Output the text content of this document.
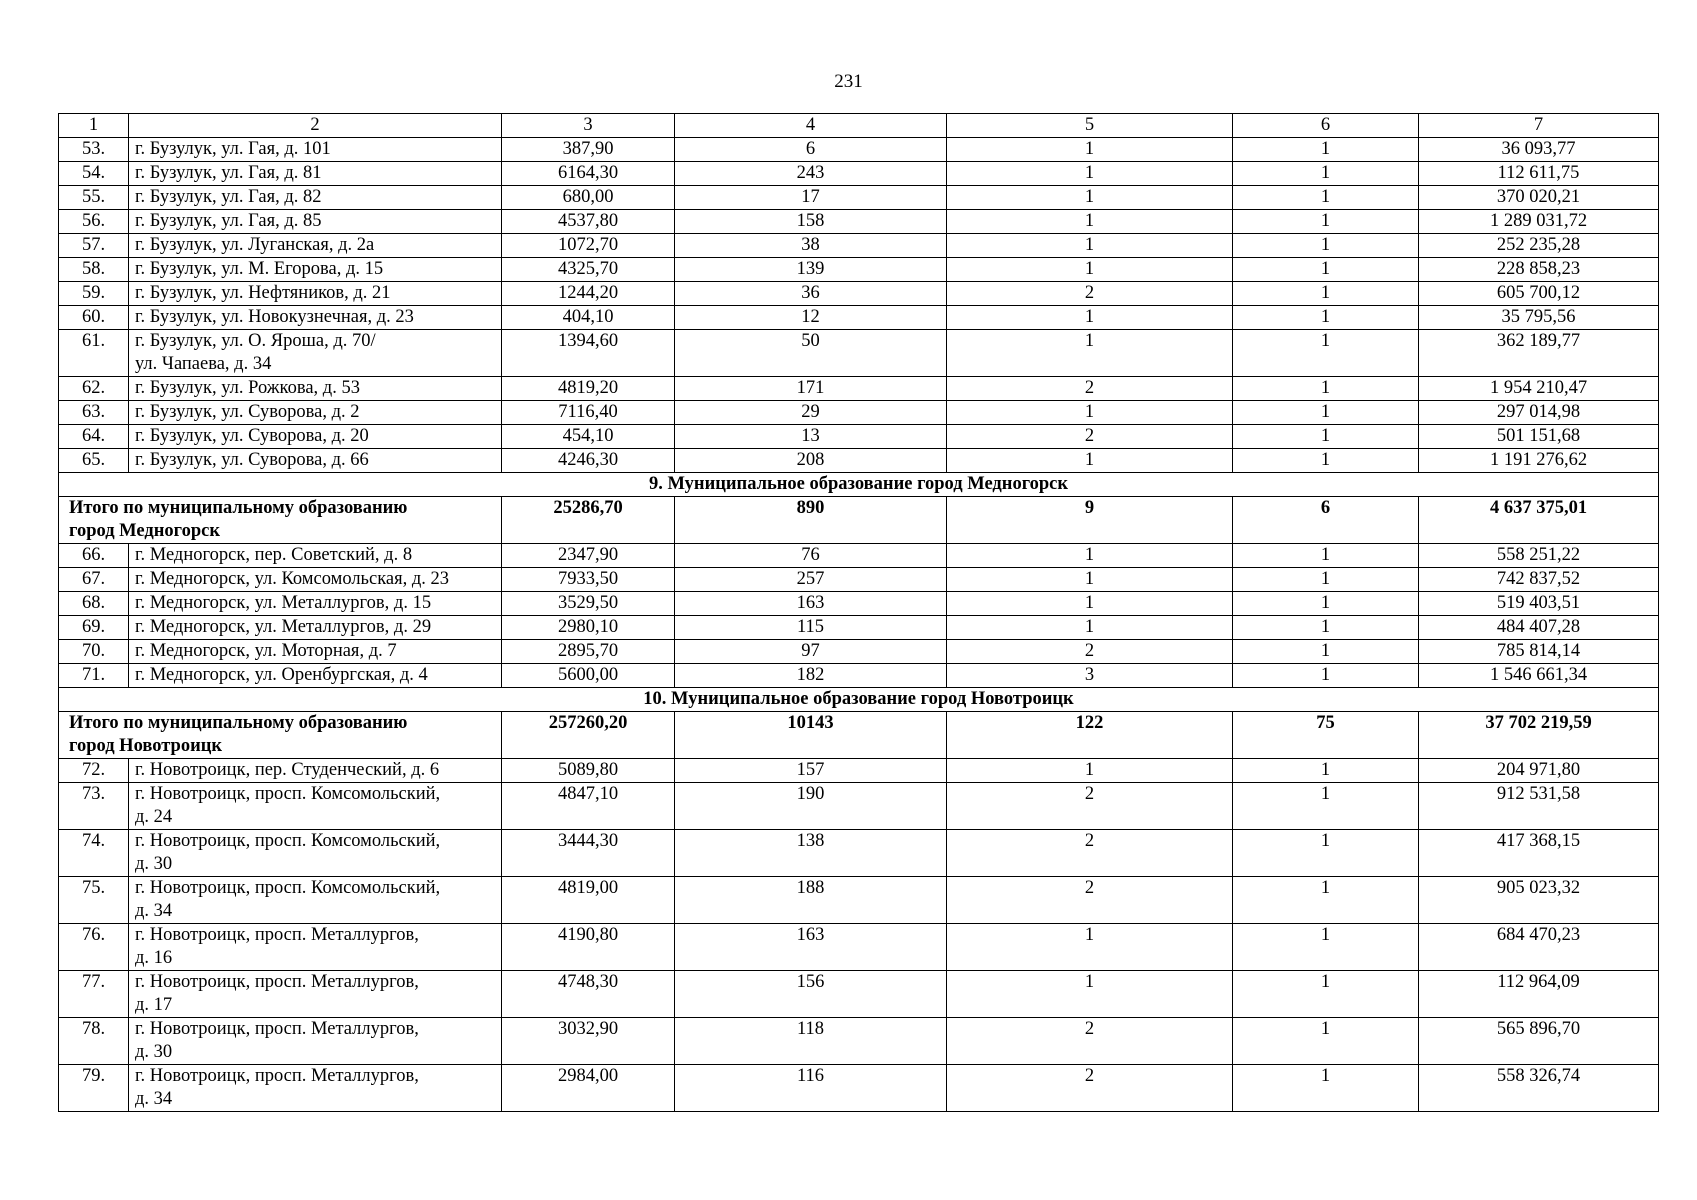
231
1	2	3	4	5	6	7
53.	г. Бузулук, ул. Гая, д. 101	387,90	6	1	1	36 093,77
54.	г. Бузулук, ул. Гая, д. 81	6164,30	243	1	1	112 611,75
55.	г. Бузулук, ул. Гая, д. 82	680,00	17	1	1	370 020,21
56.	г. Бузулук, ул. Гая, д. 85	4537,80	158	1	1	1 289 031,72
57.	г. Бузулук, ул. Луганская, д. 2а	1072,70	38	1	1	252 235,28
58.	г. Бузулук, ул. М. Егорова, д. 15	4325,70	139	1	1	228 858,23
59.	г. Бузулук, ул. Нефтяников, д. 21	1244,20	36	2	1	605 700,12
60.	г. Бузулук, ул. Новокузнечная, д. 23	404,10	12	1	1	35 795,56
61.	г. Бузулук, ул. О. Яроша, д. 70/
ул. Чапаева, д. 34	1394,60	50	1	1	362 189,77
62.	г. Бузулук, ул. Рожкова, д. 53	4819,20	171	2	1	1 954 210,47
63.	г. Бузулук, ул. Суворова, д. 2	7116,40	29	1	1	297 014,98
64.	г. Бузулук, ул. Суворова, д. 20	454,10	13	2	1	501 151,68
65.	г. Бузулук, ул. Суворова, д. 66	4246,30	208	1	1	1 191 276,62
9. Муниципальное образование город Медногорск						

Итого по муниципальному образованию
город Медногорск		25286,70	890	9	6	4 637 375,01
66.	г. Медногорск, пер. Советский, д. 8	2347,90	76	1	1	558 251,22
67.	г. Медногорск, ул. Комсомольская, д. 23	7933,50	257	1	1	742 837,52
68.	г. Медногорск, ул. Металлургов, д. 15	3529,50	163	1	1	519 403,51
69.	г. Медногорск, ул. Металлургов, д. 29	2980,10	115	1	1	484 407,28
70.	г. Медногорск, ул. Моторная, д. 7	2895,70	97	2	1	785 814,14
71.	г. Медногорск, ул. Оренбургская, д. 4	5600,00	182	3	1	1 546 661,34
10. Муниципальное образование город Новотроицк						

Итого по муниципальному образованию
город Новотроицк		257260,20	10143	122	75	37 702 219,59
72.	г. Новотроицк, пер. Студенческий, д. 6	5089,80	157	1	1	204 971,80
73.	г. Новотроицк, просп. Комсомольский,
д. 24	4847,10	190	2	1	912 531,58
74.	г. Новотроицк, просп. Комсомольский,
д. 30	3444,30	138	2	1	417 368,15
75.	г. Новотроицк, просп. Комсомольский,
д. 34	4819,00	188	2	1	905 023,32
76.	г. Новотроицк, просп. Металлургов,
д. 16	4190,80	163	1	1	684 470,23
77.	г. Новотроицк, просп. Металлургов,
д. 17	4748,30	156	1	1	112 964,09
78.	г. Новотроицк, просп. Металлургов,
д. 30	3032,90	118	2	1	565 896,70
79.	г. Новотроицк, просп. Металлургов,
д. 34	2984,00	116	2	1	558 326,74
